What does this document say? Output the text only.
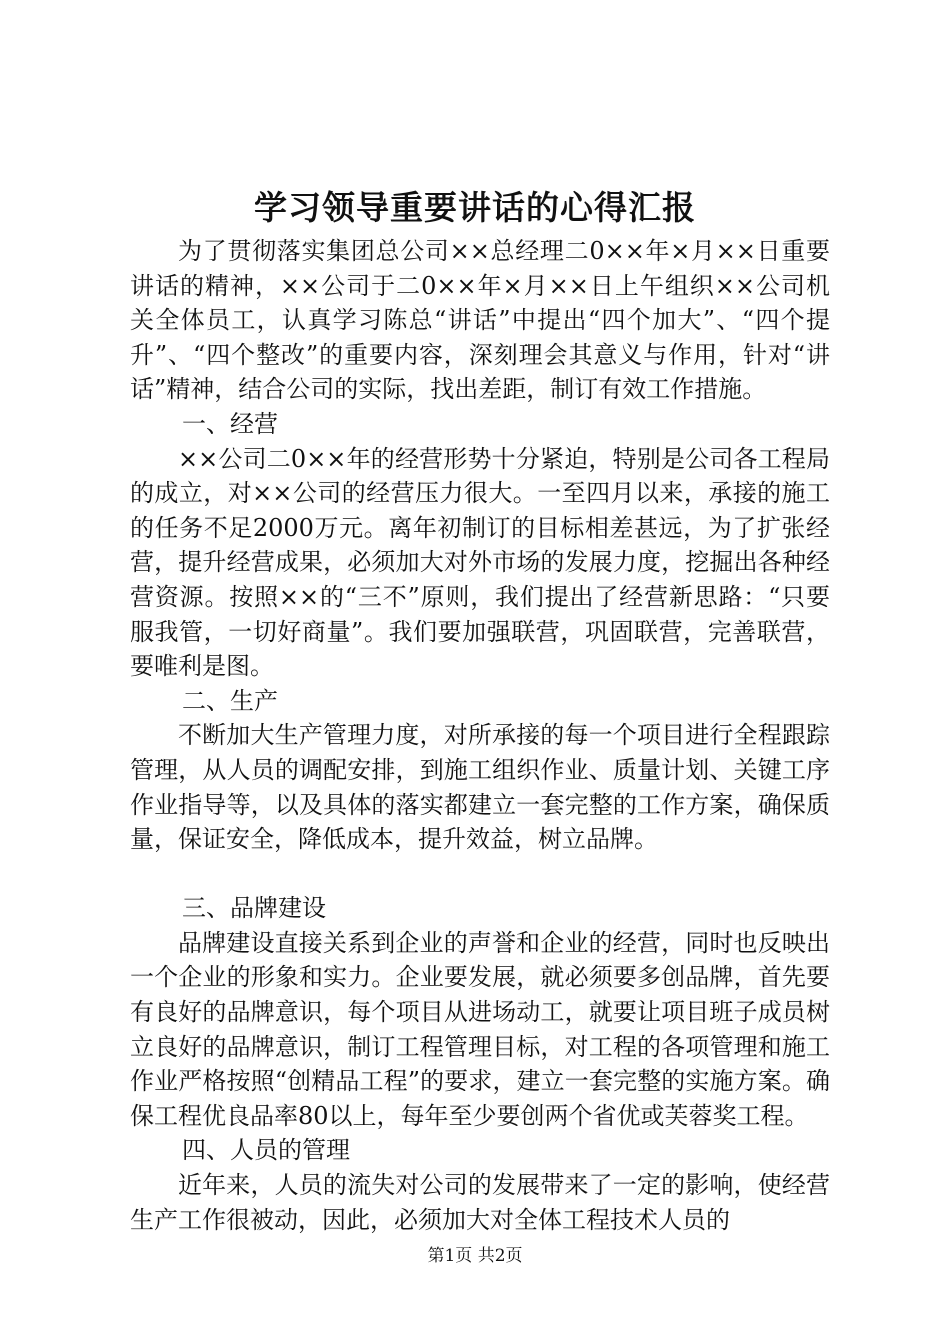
学习领导重要讲话的心得汇报

为了贯彻落实集团总公司××总经理二0××年×月××日重要讲话的精神，××公司于二0××年×月××日上午组织××公司机关全体员工，认真学习陈总“讲话”中提出“四个加大”、“四个提升”、“四个整改”的重要内容，深刻理会其意义与作用，针对“讲话”精神，结合公司的实际，找出差距，制订有效工作措施。

一、经营

××公司二0××年的经营形势十分紧迫，特别是公司各工程局的成立，对××公司的经营压力很大。一至四月以来，承接的施工的任务不足2000万元。离年初制订的目标相差甚远，为了扩张经营，提升经营成果，必须加大对外市场的发展力度，挖掘出各种经营资源。按照××的“三不”原则，我们提出了经营新思路：“只要服我管，一切好商量”。我们要加强联营，巩固联营，完善联营，要唯利是图。

二、生产

不断加大生产管理力度，对所承接的每一个项目进行全程跟踪管理，从人员的调配安排，到施工组织作业、质量计划、关键工序作业指导等，以及具体的落实都建立一套完整的工作方案，确保质量，保证安全，降低成本，提升效益，树立品牌。

三、品牌建设

品牌建设直接关系到企业的声誉和企业的经营，同时也反映出一个企业的形象和实力。企业要发展，就必须要多创品牌，首先要有良好的品牌意识，每个项目从进场动工，就要让项目班子成员树立良好的品牌意识，制订工程管理目标，对工程的各项管理和施工作业严格按照“创精品工程”的要求，建立一套完整的实施方案。确保工程优良品率80以上，每年至少要创两个省优或芙蓉奖工程。

四、人员的管理

近年来，人员的流失对公司的发展带来了一定的影响，使经营生产工作很被动，因此，必须加大对全体工程技术人员的

第1页 共2页
